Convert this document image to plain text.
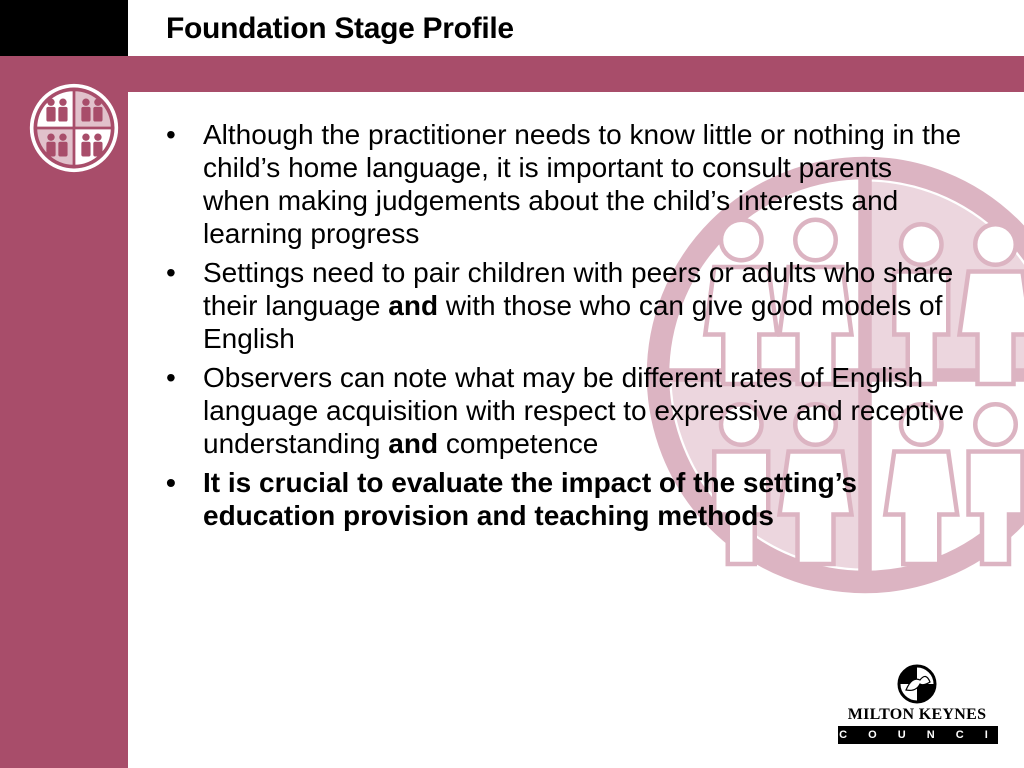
Foundation Stage Profile
• Although the practitioner needs to know little or nothing in the child’s home language, it is important to consult parents when making judgements about the child’s interests and learning progress
• Settings need to pair children with peers or adults who share their language and with those who can give good models of English
• Observers can note what may be different rates of English language acquisition with respect to expressive and receptive understanding and competence
• It is crucial to evaluate the impact of the setting’s education provision and teaching methods
MILTON KEYNES
C O U N C I L
